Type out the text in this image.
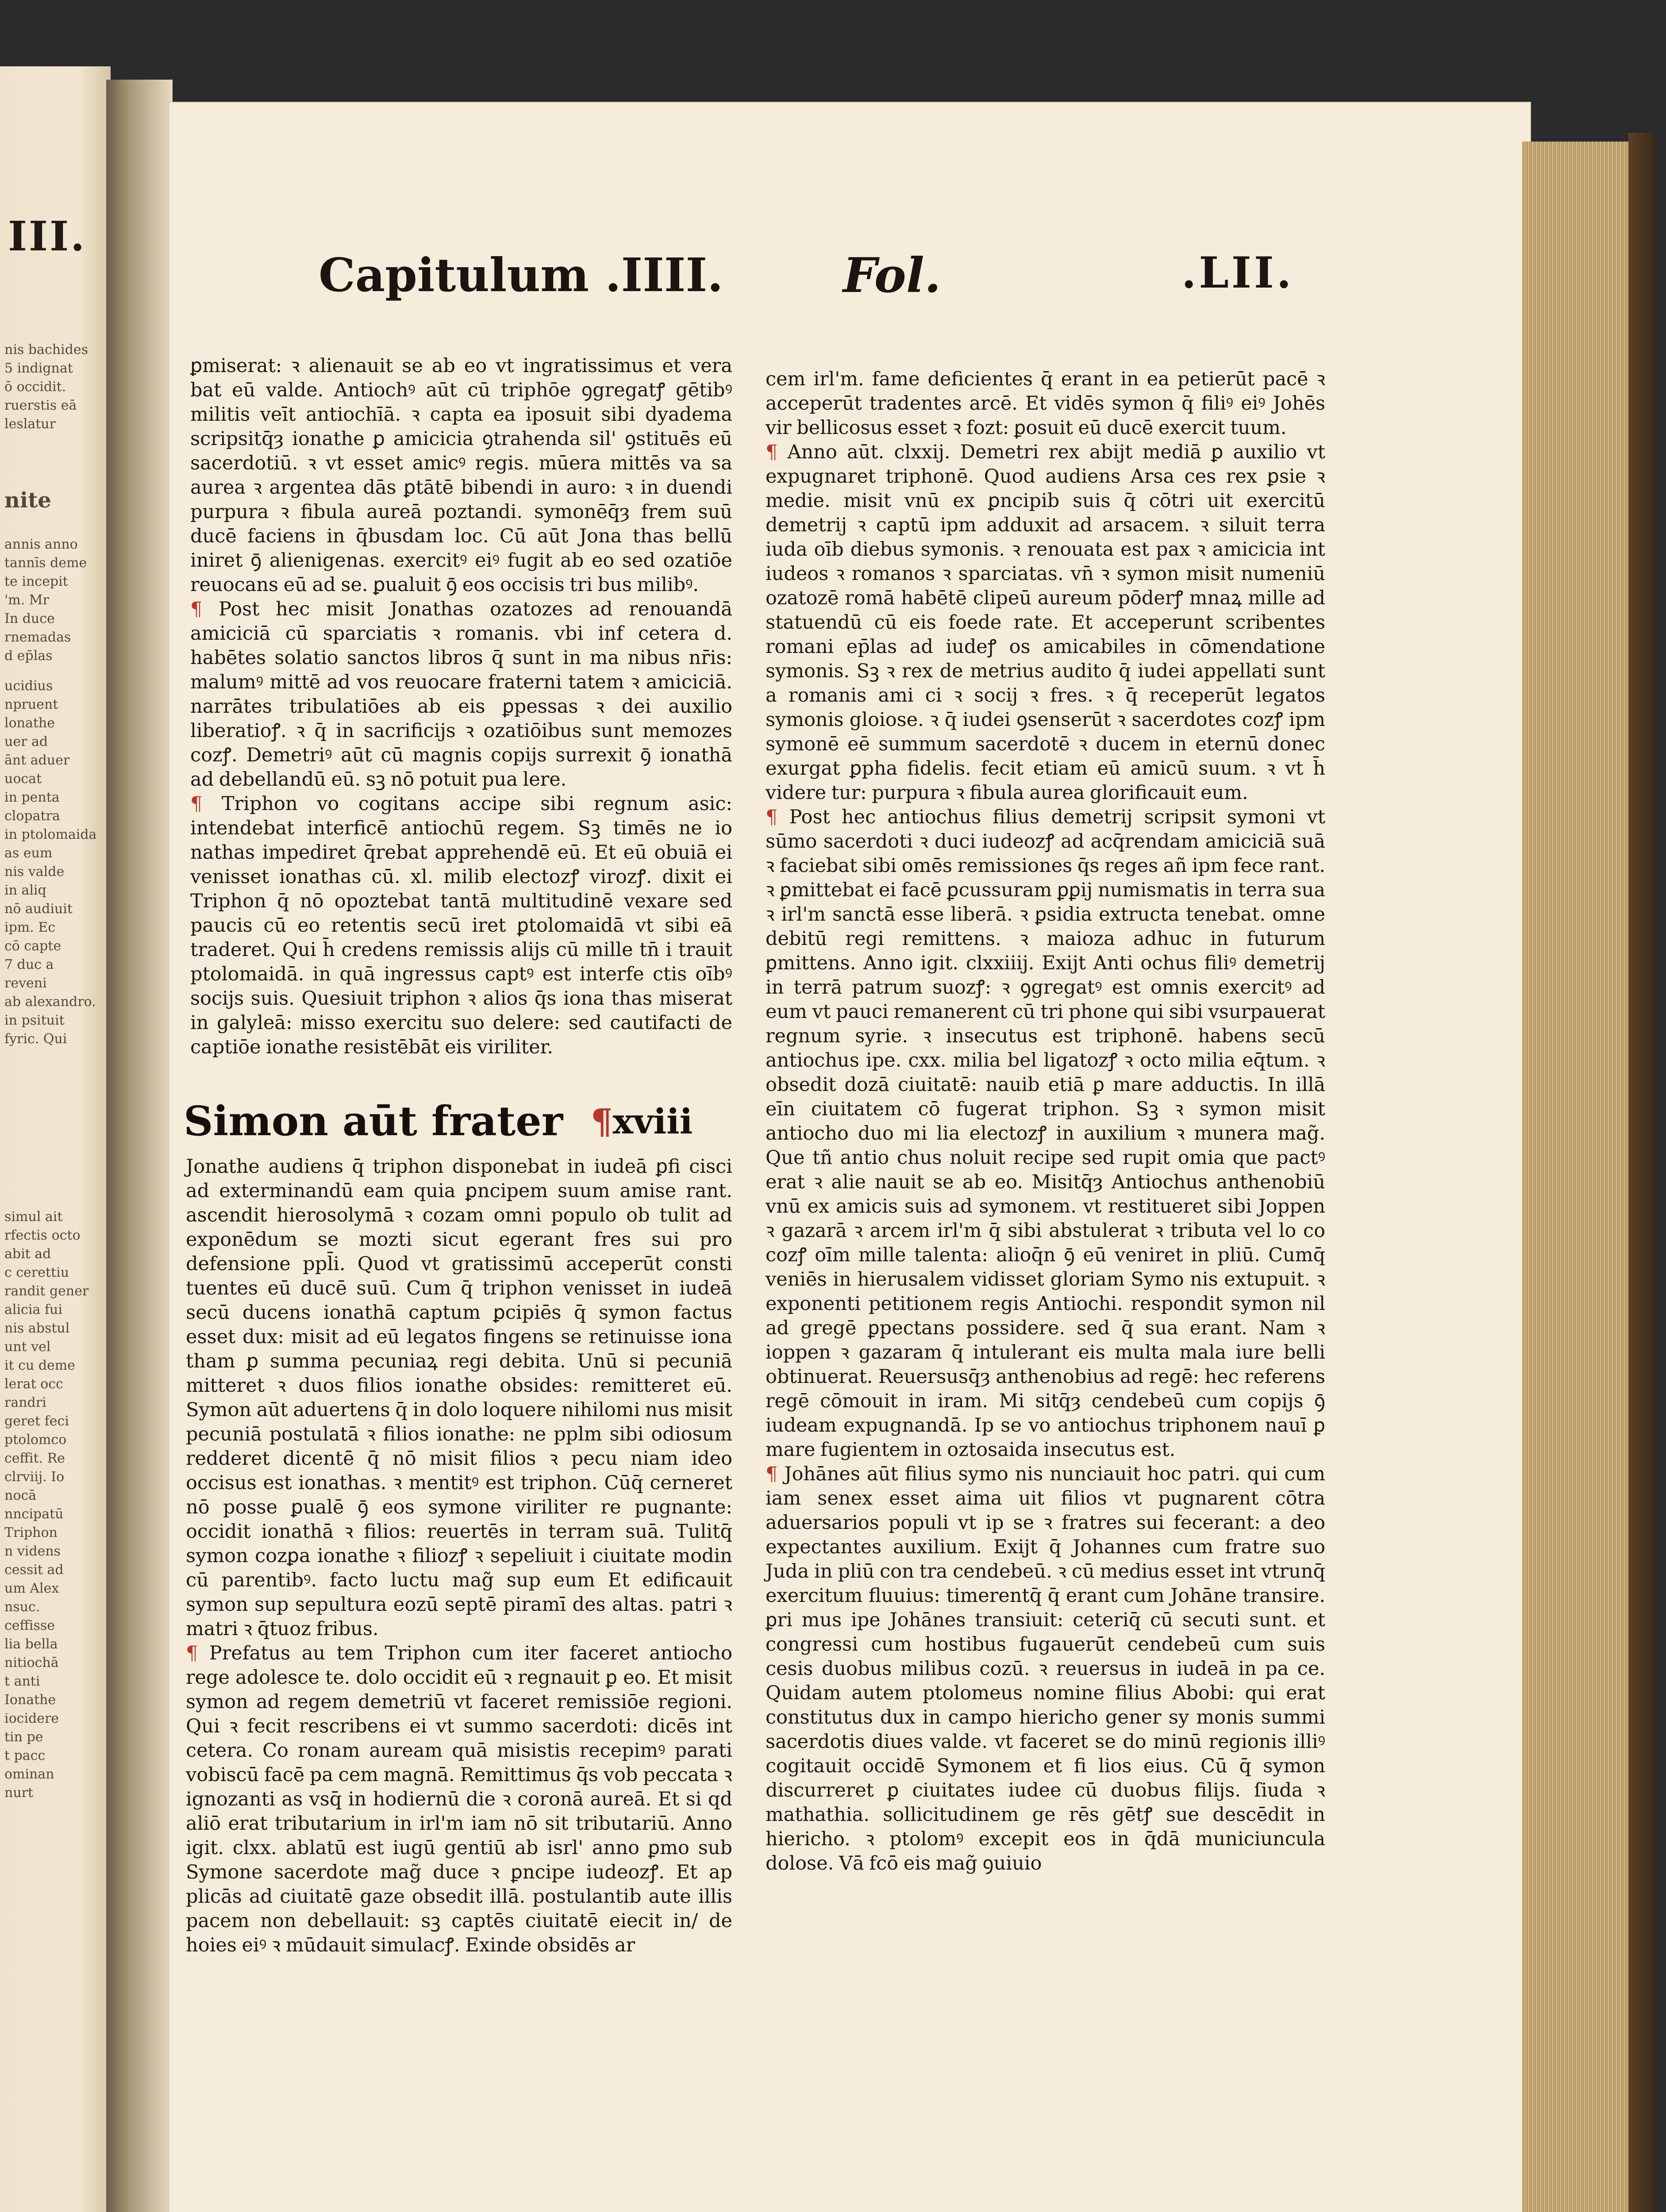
III.
nis bachides
5 indignat
ō occidit.
ruerstis eā
leslatur
nite
annis anno
tannīs deme
te incepit
'm. Mr
In duce
rnemadas
d ep̄las
ucidius
npruent
lonathe
uer ad
ānt aduer
uocat
in penta
clopatra
in ptolomaida
as eum
nis valde
in aliq
nō audiuit
ipm. Ec
cō capte
7 duc a
reveni
ab alexandro.
in psituit
fyric. Qui
simul ait
rfectis octo
abit ad
c cerettiu
randit gener
alicia fui
nis abstul
unt vel
it cu deme
lerat occ
randri
geret feci
ptolomco
ceffit. Re
clrviij. Io
nocā
nncipatū
Triphon
n videns
cessit ad
um Alex
nsuc.
ceffisse
lia bella
nitiochā
t anti
Ionathe
iocidere
tin pe
t pacc
ominan
nurt
Capitulum .IIII.	Fol.	.LII.

ꝑmiserat: ꝛ alienauit se ab eo vt ingratissimus et vera bat eū valde. Antiochꝰ aūt cū triphōe ꝯgregatꝭ gētibꝰ militis veīt antiochīā. ꝛ capta ea iposuit sibi dyadema scripsitq̄ȝ ionathe ꝑ amicicia ꝯtrahenda sil' ꝯstituēs eū sacerdotiū. ꝛ vt esset amicꝰ regis. mūera mittēs va sa aurea ꝛ argentea dās ꝑtātē bibendi in auro: ꝛ in duendi purpura ꝛ fibula aureā poztandi. symonēq̄ȝ frem suū ducē faciens in q̄busdam loc. Cū aūt Jona thas bellū iniret ꝯ̄ alienigenas. exercitꝰ eiꝰ fugit ab eo sed ozatiōe reuocans eū ad se. ꝑualuit ꝯ̄ eos occisis tri bus milibꝰ.

¶ Post hec misit Jonathas ozatozes ad renouandā amiciciā cū sparciatis ꝛ romanis. vbi inf cetera d. habētes solatio sanctos libros q̄ sunt in ma nibus nr̄is: malumꝰ mittē ad vos reuocare fraterni tatem ꝛ amiciciā. narrātes tribulatiōes ab eis ꝑpessas ꝛ dei auxilio liberatioꝭ. ꝛ q̄ in sacrificijs ꝛ ozatiōibus sunt memozes cozꝭ. Demetriꝰ aūt cū magnis copijs surrexit ꝯ̄ ionathā ad debellandū eū. sꝫ nō potuit pua lere.

¶ Triphon vo cogitans accipe sibi regnum asic: intendebat interficē antiochū regem. Sꝫ timēs ne io nathas impediret q̄rebat apprehendē eū. Et eū obuiā ei venisset ionathas cū. xl. milib electozꝭ virozꝭ. dixit ei Triphon q̄ nō opoztebat tantā multitudinē vexare sed paucis cū eo retentis secū iret ꝑtolomaidā vt sibi eā traderet. Qui h̄ credens remissis alijs cū mille tn̄ i trauit ptolomaidā. in quā ingressus captꝰ est interfe ctis oībꝰ socijs suis. Quesiuit triphon ꝛ alios q̄s iona thas miserat in galyleā: misso exercitu suo delere: sed cautifacti de captiōe ionathe resistēbāt eis viriliter.

Simon aūt frater ¶xviii

Jonathe audiens q̄ triphon disponebat in iudeā ꝑfi cisci ad exterminandū eam quia ꝑncipem suum amise rant. ascendit hierosolymā ꝛ cozam omni populo ob tulit ad exponēdum se mozti sicut egerant fres sui pro defensione ppl̄i. Quod vt gratissimū acceperūt consti tuentes eū ducē suū. Cum q̄ triphon venisset in iudeā secū ducens ionathā captum ꝑcipiēs q̄ symon factus esset dux: misit ad eū legatos fingens se retinuisse iona tham ꝑ summa pecuniaꝝ regi debita. Unū si pecuniā mitteret ꝛ duos filios ionathe obsides: remitteret eū. Symon aūt aduertens q̄ in dolo loquere nihilomi nus misit pecuniā postulatā ꝛ filios ionathe: ne pplm sibi odiosum redderet dicentē q̄ nō misit filios ꝛ pecu niam ideo occisus est ionathas. ꝛ mentitꝰ est triphon. Cūq̄ cerneret nō posse ꝑualē ꝯ̄ eos symone viriliter re pugnante: occidit ionathā ꝛ filios: reuertēs in terram suā. Tulitq̄ symon cozꝑa ionathe ꝛ filiozꝭ ꝛ sepeliuit i ciuitate modin cū parentibꝰ. facto luctu mag̃ sup eum Et edificauit symon sup sepultura eozū septē piramī des altas. patri ꝛ matri ꝛ q̄tuoz fribus.

¶ Prefatus au tem Triphon cum iter faceret antiocho rege adolesce te. dolo occidit eū ꝛ regnauit ꝑ eo. Et misit symon ad regem demetriū vt faceret remissiōe regioni. Qui ꝛ fecit rescribens ei vt summo sacerdoti: dicēs int cetera. Co ronam auream quā misistis recepimꝰ parati vobiscū facē pa cem magnā. Remittimus q̄s vob peccata ꝛ ignozanti as vsq̄ in hodiernū die ꝛ coronā aureā. Et si qd aliō erat tributarium in irl'm iam nō sit tributariū. Anno igit. clxx. ablatū est iugū gentiū ab isrl' anno ꝑmo sub Symone sacerdote mag̃ duce ꝛ ꝑncipe iudeozꝭ. Et ap plicās ad ciuitatē gaze obsedit illā. postulantib aute illis pacem non debellauit: sꝫ captēs ciuitatē eiecit in/ de hoies eiꝰ ꝛ mūdauit simulacꝭ. Exinde obsidēs ar

cem irl'm. fame deficientes q̄ erant in ea petierūt pacē ꝛ acceperūt tradentes arcē. Et vidēs symon q̄ filiꝰ eiꝰ Johēs vir bellicosus esset ꝛ fozt: ꝑosuit eū ducē exercit tuum.

¶ Anno aūt. clxxij. Demetri rex abijt mediā ꝑ auxilio vt expugnaret triphonē. Quod audiens Arsa ces rex ꝑsie ꝛ medie. misit vnū ex ꝑncipib suis q̄ cōtri uit exercitū demetrij ꝛ captū ipm adduxit ad arsacem. ꝛ siluit terra iuda oīb diebus symonis. ꝛ renouata est pax ꝛ amicicia int iudeos ꝛ romanos ꝛ sparciatas. vn̄ ꝛ symon misit numeniū ozatozē romā habētē clipeū aureum pōderꝭ mnaꝝ mille ad statuendū cū eis foede rate. Et acceperunt scribentes romani ep̄las ad iudeꝭ os amicabiles in cōmendatione symonis. Sꝫ ꝛ rex de metrius audito q̄ iudei appellati sunt a romanis ami ci ꝛ socij ꝛ fres. ꝛ q̄ receperūt legatos symonis gloiose. ꝛ q̄ iudei ꝯsenserūt ꝛ sacerdotes cozꝭ ipm symonē eē summum sacerdotē ꝛ ducem in eternū donec exurgat ꝑpha fidelis. fecit etiam eū amicū suum. ꝛ vt h̄ videre tur: purpura ꝛ fibula aurea glorificauit eum.

¶ Post hec antiochus filius demetrij scripsit symoni vt sūmo sacerdoti ꝛ duci iudeozꝭ ad acq̄rendam amiciciā suā ꝛ faciebat sibi omēs remissiones q̄s reges añ ipm fece rant. ꝛ ꝑmittebat ei facē ꝑcussuram ꝑꝑij numismatis in terra sua ꝛ irl'm sanctā esse liberā. ꝛ ꝑsidia extructa tenebat. omne debitū regi remittens. ꝛ maioza adhuc in futurum ꝑmittens. Anno igit. clxxiiij. Exijt Anti ochus filiꝰ demetrij in terrā patrum suozꝭ: ꝛ ꝯgregatꝰ est omnis exercitꝰ ad eum vt pauci remanerent cū tri phone qui sibi vsurpauerat regnum syrie. ꝛ insecutus est triphonē. habens secū antiochus ipe. cxx. milia bel ligatozꝭ ꝛ octo milia eq̄tum. ꝛ obsedit dozā ciuitatē: nauib etiā ꝑ mare adductis. In illā eīn ciuitatem cō fugerat triphon. Sꝫ ꝛ symon misit antiocho duo mi lia electozꝭ in auxilium ꝛ munera mag̃. Que tñ antio chus noluit recipe sed rupit omia que pactꝰ erat ꝛ alie nauit se ab eo. Misitq̄ȝ Antiochus anthenobiū vnū ex amicis suis ad symonem. vt restitueret sibi Joppen ꝛ gazarā ꝛ arcem irl'm q̄ sibi abstulerat ꝛ tributa vel lo co cozꝭ oīm mille talenta: alioq̄n ꝯ̄ eū veniret in pliū. Cumq̄ veniēs in hierusalem vidisset gloriam Symo nis extupuit. ꝛ exponenti petitionem regis Antiochi. respondit symon nil ad gregē ꝑpectans possidere. sed q̄ sua erant. Nam ꝛ ioppen ꝛ gazaram q̄ intulerant eis multa mala iure belli obtinuerat. Reuersusq̄ȝ anthenobius ad regē: hec referens regē cōmouit in iram. Mi sitq̄ȝ cendebeū cum copijs ꝯ̄ iudeam expugnandā. Ip se vo antiochus triphonem nauī ꝑ mare fugientem in oztosaida insecutus est.

¶ Johānes aūt filius symo nis nunciauit hoc patri. qui cum iam senex esset aima uit filios vt pugnarent cōtra aduersarios populi vt ip se ꝛ fratres sui fecerant: a deo expectantes auxilium. Exijt q̄ Johannes cum fratre suo Juda in pliū con tra cendebeū. ꝛ cū medius esset int vtrunq̄ exercitum fluuius: timerentq̄ q̄ erant cum Johāne transire. ꝑri mus ipe Johānes transiuit: ceteriq̄ cū secuti sunt. et congressi cum hostibus fugauerūt cendebeū cum suis cesis duobus milibus cozū. ꝛ reuersus in iudeā in pa ce. Quidam autem ptolomeus nomine filius Abobi: qui erat constitutus dux in campo hiericho gener sy monis summi sacerdotis diues valde. vt faceret se do minū regionis illiꝰ cogitauit occidē Symonem et fi lios eius. Cū q̄ symon discurreret ꝑ ciuitates iudee cū duobus filijs. ſiuda ꝛ mathathia. sollicitudinem ge rēs gētꝭ sue descēdit in hiericho. ꝛ ptolomꝰ excepit eos in q̄dā municiuncula dolose. Vā fcō eis mag̃ ꝯuiuio
